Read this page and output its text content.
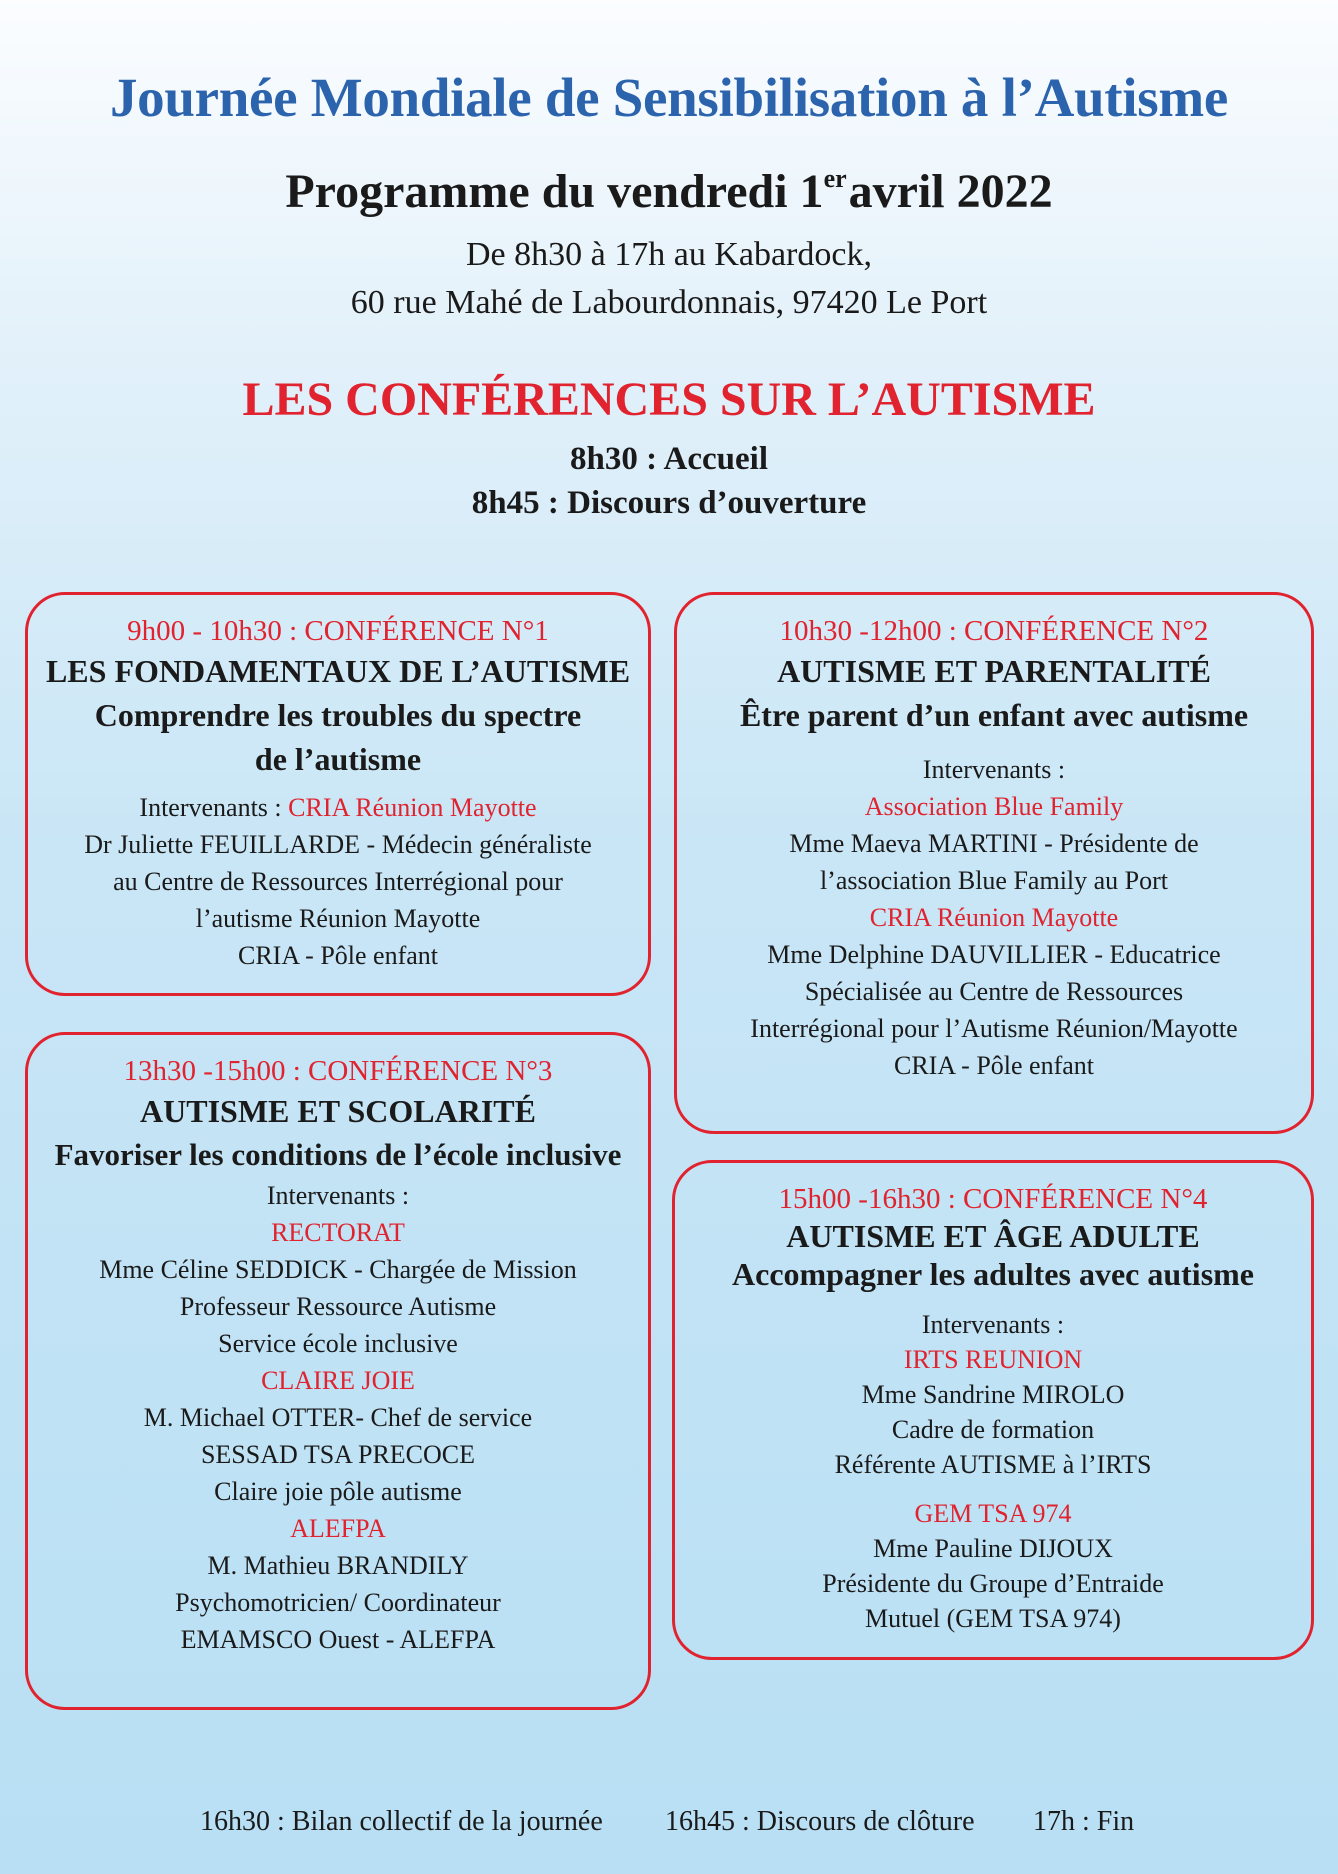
Journée Mondiale de Sensibilisation à l’Autisme
Programme du vendredi 1eravril 2022
De 8h30 à 17h au Kabardock,
60 rue Mahé de Labourdonnais, 97420 Le Port
LES CONFÉRENCES SUR L’AUTISME
8h30 : Accueil
8h45 : Discours d’ouverture
9h00 - 10h30 : CONFÉRENCE N°1
LES FONDAMENTAUX DE L’AUTISME
Comprendre les troubles du spectre
de l’autisme
Intervenants : CRIA Réunion Mayotte
Dr Juliette FEUILLARDE - Médecin généraliste
au Centre de Ressources Interrégional pour
l’autisme Réunion Mayotte
CRIA - Pôle enfant
10h30 -12h00 : CONFÉRENCE N°2
AUTISME ET PARENTALITÉ
Être parent d’un enfant avec autisme
Intervenants :
Association Blue Family
Mme Maeva MARTINI - Présidente de
l’association Blue Family au Port
CRIA Réunion Mayotte
Mme Delphine DAUVILLIER - Educatrice
Spécialisée au Centre de Ressources
Interrégional pour l’Autisme Réunion/Mayotte
CRIA - Pôle enfant
13h30 -15h00 : CONFÉRENCE N°3
AUTISME ET SCOLARITÉ
Favoriser les conditions de l’école inclusive
Intervenants :
RECTORAT
Mme Céline SEDDICK - Chargée de Mission
Professeur Ressource Autisme
Service école inclusive
CLAIRE JOIE
M. Michael OTTER- Chef de service
SESSAD TSA PRECOCE
Claire joie pôle autisme
ALEFPA
M. Mathieu BRANDILY
Psychomotricien/ Coordinateur
EMAMSCO Ouest - ALEFPA
15h00 -16h30 : CONFÉRENCE N°4
AUTISME ET ÂGE ADULTE
Accompagner les adultes avec autisme
Intervenants :
IRTS REUNION
Mme Sandrine MIROLO
Cadre de formation
Référente AUTISME à l’IRTS
GEM TSA 974
Mme Pauline DIJOUX
Présidente du Groupe d’Entraide
Mutuel (GEM TSA 974)
16h30 : Bilan collectif de la journée 16h45 : Discours de clôture 17h : Fin
